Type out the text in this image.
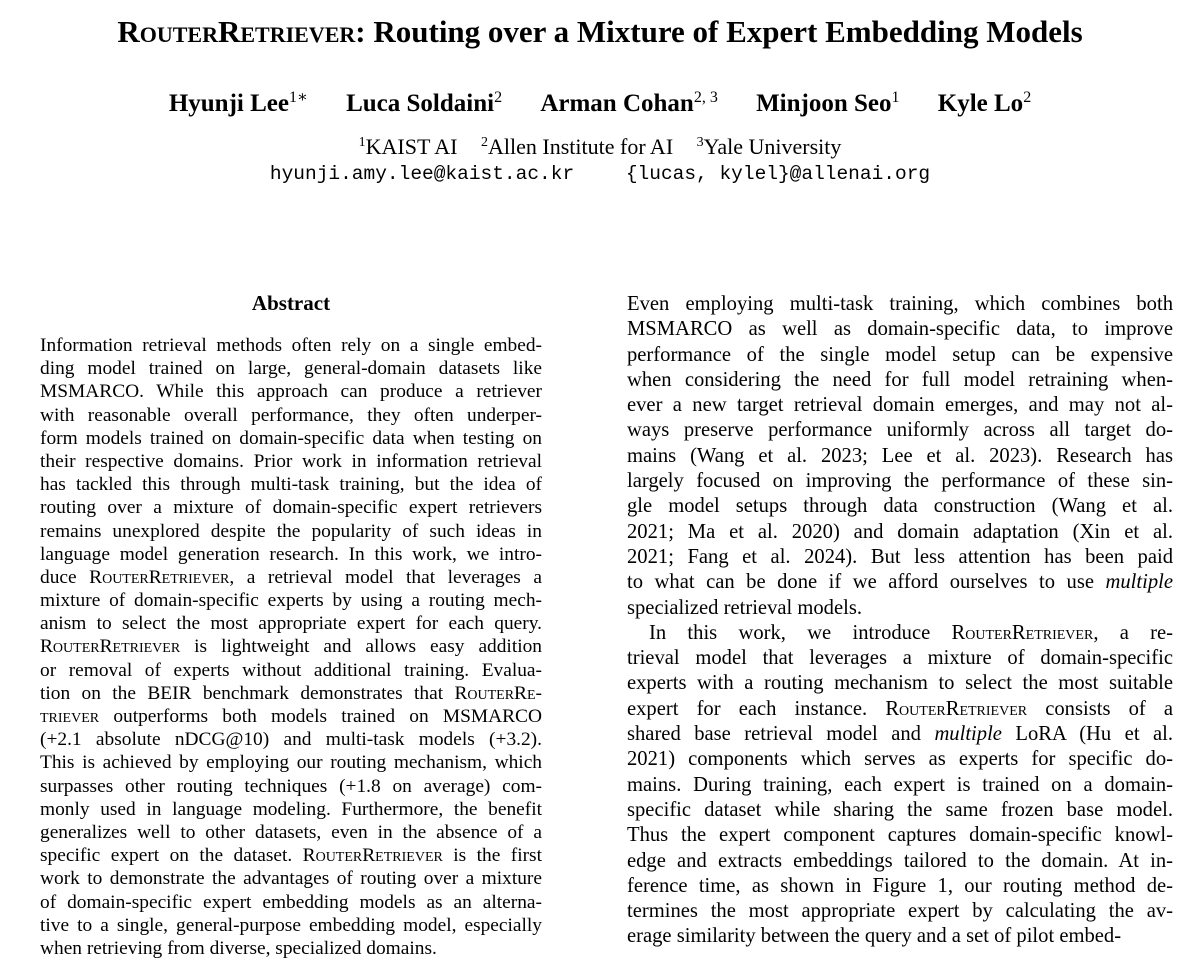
RouterRetriever: Routing over a Mixture of Expert Embedding Models
Hyunji Lee$^{1∗}$ Luca Soldaini$^2$ Arman Cohan$^{2, 3}$ Minjoon Seo$^1$ Kyle Lo$^2$
$^1$KAIST AI $^2$Allen Institute for AI $^3$Yale University
hyunji.amy.lee@kaist.ac.kr	{lucas, kylel}@allenai.org
Abstract
Information retrieval methods often rely on a single embed-
ding model trained on large, general-domain datasets like
MSMARCO. While this approach can produce a retriever
with reasonable overall performance, they often underper-
form models trained on domain-specific data when testing on
their respective domains. Prior work in information retrieval
has tackled this through multi-task training, but the idea of
routing over a mixture of domain-specific expert retrievers
remains unexplored despite the popularity of such ideas in
language model generation research. In this work, we intro-
duce RouterRetriever, a retrieval model that leverages a
mixture of domain-specific experts by using a routing mech-
anism to select the most appropriate expert for each query.
RouterRetriever is lightweight and allows easy addition
or removal of experts without additional training. Evalua-
tion on the BEIR benchmark demonstrates that RouterRe-
triever outperforms both models trained on MSMARCO
(+2.1 absolute nDCG@10) and multi-task models (+3.2).
This is achieved by employing our routing mechanism, which
surpasses other routing techniques (+1.8 on average) com-
monly used in language modeling. Furthermore, the benefit
generalizes well to other datasets, even in the absence of a
specific expert on the dataset. RouterRetriever is the first
work to demonstrate the advantages of routing over a mixture
of domain-specific expert embedding models as an alterna-
tive to a single, general-purpose embedding model, especially
when retrieving from diverse, specialized domains.
Even employing multi-task training, which combines both
MSMARCO as well as domain-specific data, to improve
performance of the single model setup can be expensive
when considering the need for full model retraining when-
ever a new target retrieval domain emerges, and may not al-
ways preserve performance uniformly across all target do-
mains (Wang et al. 2023; Lee et al. 2023). Research has
largely focused on improving the performance of these sin-
gle model setups through data construction (Wang et al.
2021; Ma et al. 2020) and domain adaptation (Xin et al.
2021; Fang et al. 2024). But less attention has been paid
to what can be done if we afford ourselves to use multiple
specialized retrieval models.
In this work, we introduce RouterRetriever, a re-
trieval model that leverages a mixture of domain-specific
experts with a routing mechanism to select the most suitable
expert for each instance. RouterRetriever consists of a
shared base retrieval model and multiple LoRA (Hu et al.
2021) components which serves as experts for specific do-
mains. During training, each expert is trained on a domain-
specific dataset while sharing the same frozen base model.
Thus the expert component captures domain-specific knowl-
edge and extracts embeddings tailored to the domain. At in-
ference time, as shown in Figure 1, our routing method de-
termines the most appropriate expert by calculating the av-
erage similarity between the query and a set of pilot embed-
